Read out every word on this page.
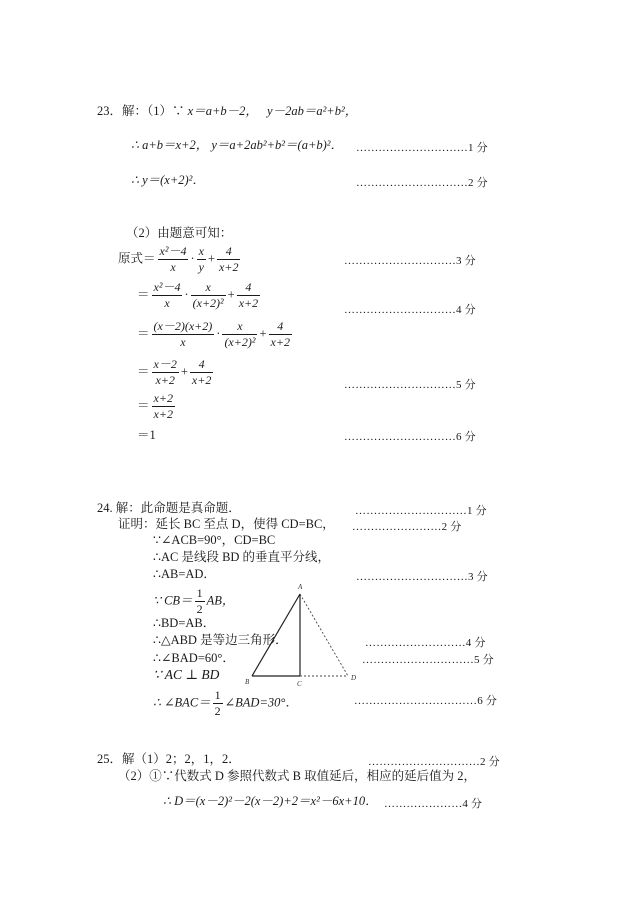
23．解：（1）∵ x＝a+b－2， y－2ab＝a²+b²，
∴ a+b＝x+2， y＝a+2ab²+b²＝(a+b)²． …………………………1 分
∴ y＝(x+2)²．	…………………………2 分
（2）由题意可知：
原式＝ $\frac{\text{x²－4}}{x} \cdot \frac{x}{y} + \frac{4}{x+2}$	…………………………3 分
＝ $\frac{\text{x²－4}}{x} \cdot \frac{x}{\text{(x+2)²}} + \frac{4}{x+2}$	…………………………4 分
＝ $\frac{(x-2)(x+2)}{x} \cdot \frac{x}{\text{(x+2)²}} + \frac{4}{x+2}$
＝ $\frac{x-2}{x+2} + \frac{4}{x+2}$	…………………………5 分
＝ $\frac{x+2}{x+2}$
＝1	…………………………6 分
24. 解：此命题是真命题．	…………………………1 分
证明：延长 BC 至点 D，使得 CD=BC， ……………………2 分
∵∠ACB=90°，CD=BC
∴AC 是线段 BD 的垂直平分线，
∴AB=AD．	…………………………3 分
∵ $CB= \frac{1}{2}$ AB，
∴BD=AB．
∴△ABD 是等边三角形．	………………………4 分
∴∠BAD=60°．	…………………………5 分
∵ AC ⊥ BD
∴ ∠BAC＝ $\frac{1}{2}$ ∠BAD=30°．	……………………………6 分
A
B	C
D
25．解（1）2；2，1，2．	…………………………2 分
（2）①∵代数式 D 参照代数式 B 取值延后，相应的延后值为 2，
∴ D＝(x－2)²－2(x－2)+2＝x²－6x+10． …………………4 分
